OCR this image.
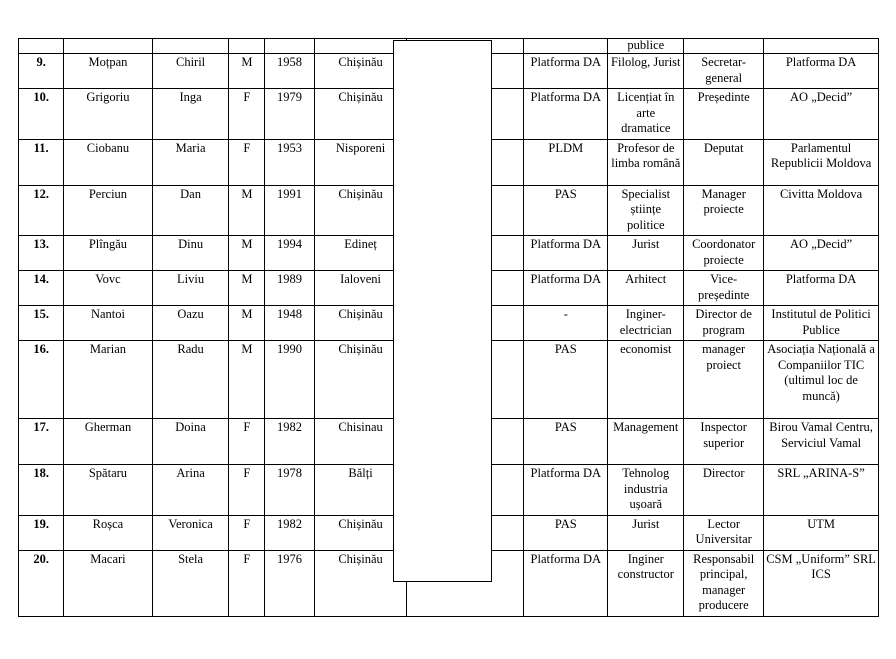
								publice		
9.	Moțpan	Chiril	M	1958	Chișinău		Platforma DA	Filolog, Jurist	Secretar-general	Platforma DA
10.	Grigoriu	Inga	F	1979	Chișinău		Platforma DA	Licențiat în arte dramatice	Președinte	AO „Decid”
11.	Ciobanu	Maria	F	1953	Nisporeni		PLDM	Profesor de limba română	Deputat	Parlamentul Republicii Moldova
12.	Perciun	Dan	M	1991	Chișinău		PAS	Specialist științe politice	Manager proiecte	Civitta Moldova
13.	Plîngău	Dinu	M	1994	Edineț		Platforma DA	Jurist	Coordonator proiecte	AO „Decid”
14.	Vovc	Liviu	M	1989	Ialoveni		Platforma DA	Arhitect	Vice-președinte	Platforma DA
15.	Nantoi	Oazu	M	1948	Chișinău		-	Inginer-electrician	Director de program	Institutul de Politici Publice
16.	Marian	Radu	M	1990	Chișinău		PAS	economist	manager proiect	Asociația Națională a Companiilor TIC (ultimul loc de muncă)
17.	Gherman	Doina	F	1982	Chisinau		PAS	Management	Inspector superior	Birou Vamal Centru, Serviciul Vamal
18.	Spătaru	Arina	F	1978	Bălți		Platforma DA	Tehnolog industria ușoară	Director	SRL „ARINA-S”
19.	Roșca	Veronica	F	1982	Chișinău		PAS	Jurist	Lector Universitar	UTM
20.	Macari	Stela	F	1976	Chișinău		Platforma DA	Inginer constructor	Responsabil principal, manager producere	CSM „Uniform” SRL ICS
